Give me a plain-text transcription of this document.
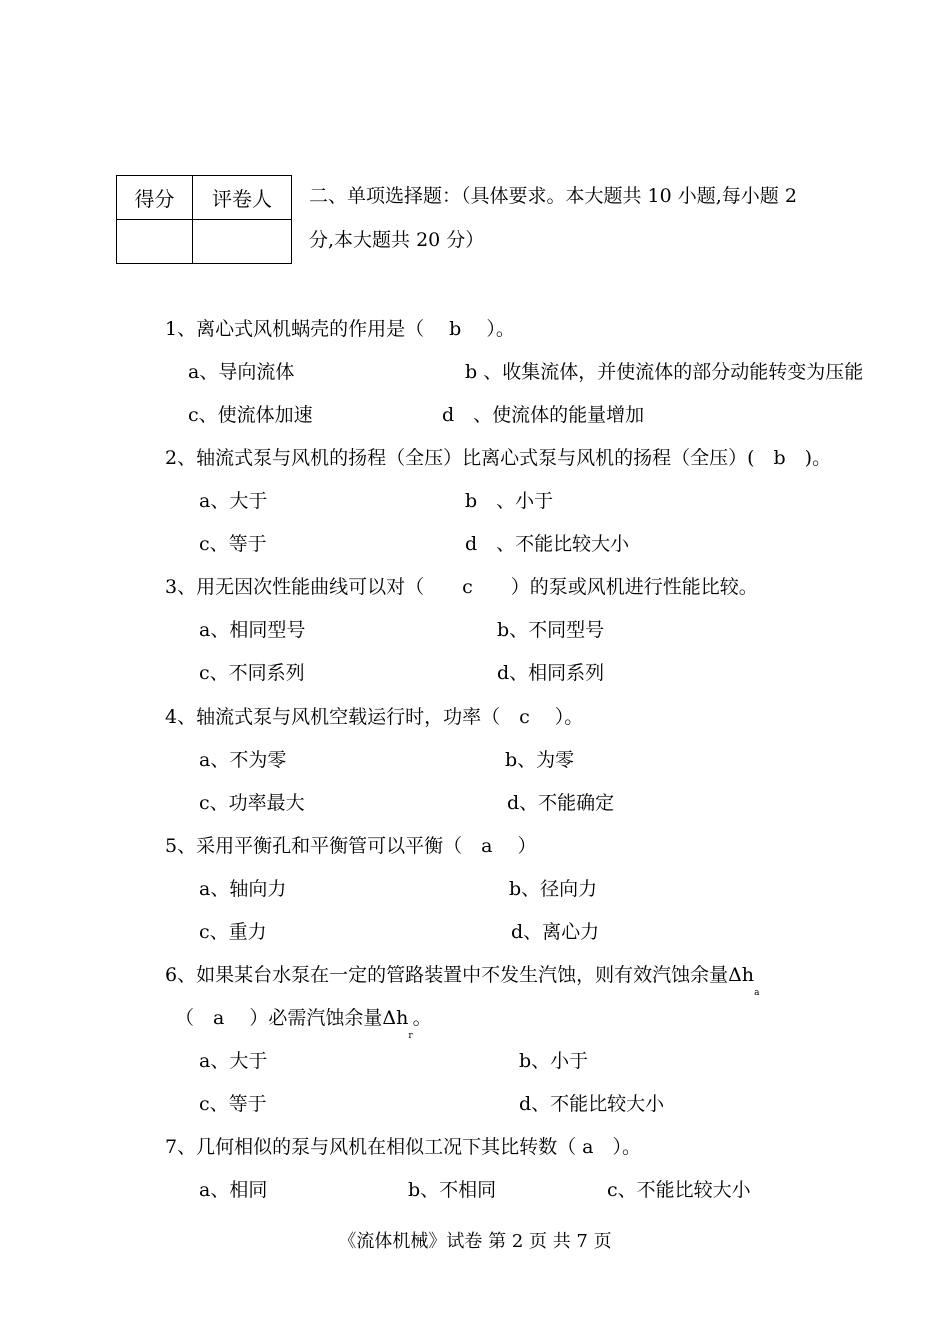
得分	评卷人
	二、单项选择题：（具体要求。本大题共 10 小题,每小题 2
分,本大题共 20 分）
1、离心式风机蜗壳的作用是（　 b　 ）。
a、导向流体	b 、收集流体，并使流体的部分动能转变为压能
c、使流体加速	d　、使流体的能量增加
2、轴流式泵与风机的扬程（全压）比离心式泵与风机的扬程（全压）(　b　)。
a、大于	b　、小于
c、等于	d　、不能比较大小
3、用无因次性能曲线可以对（　　c　　）的泵或风机进行性能比较。
a、相同型号	b、不同型号
c、不同系列	d、相同系列
4、轴流式泵与风机空载运行时，功率（　c　 ）。
a、不为零	b、为零
c、功率最大	d、不能确定
5、采用平衡孔和平衡管可以平衡（　a　 ）
a、轴向力	b、径向力
c、重力	d、离心力
6、如果某台水泵在一定的管路装置中不发生汽蚀，则有效汽蚀余量$\Delta h_a$
（　a　 ）必需汽蚀余量$\Delta h_r$。
a、大于	b、小于
c、等于	d、不能比较大小
7、几何相似的泵与风机在相似工况下其比转数（ a　）。
a、相同	b、不相同	c、不能比较大小
《流体机械》试卷 第 2 页 共 7 页
